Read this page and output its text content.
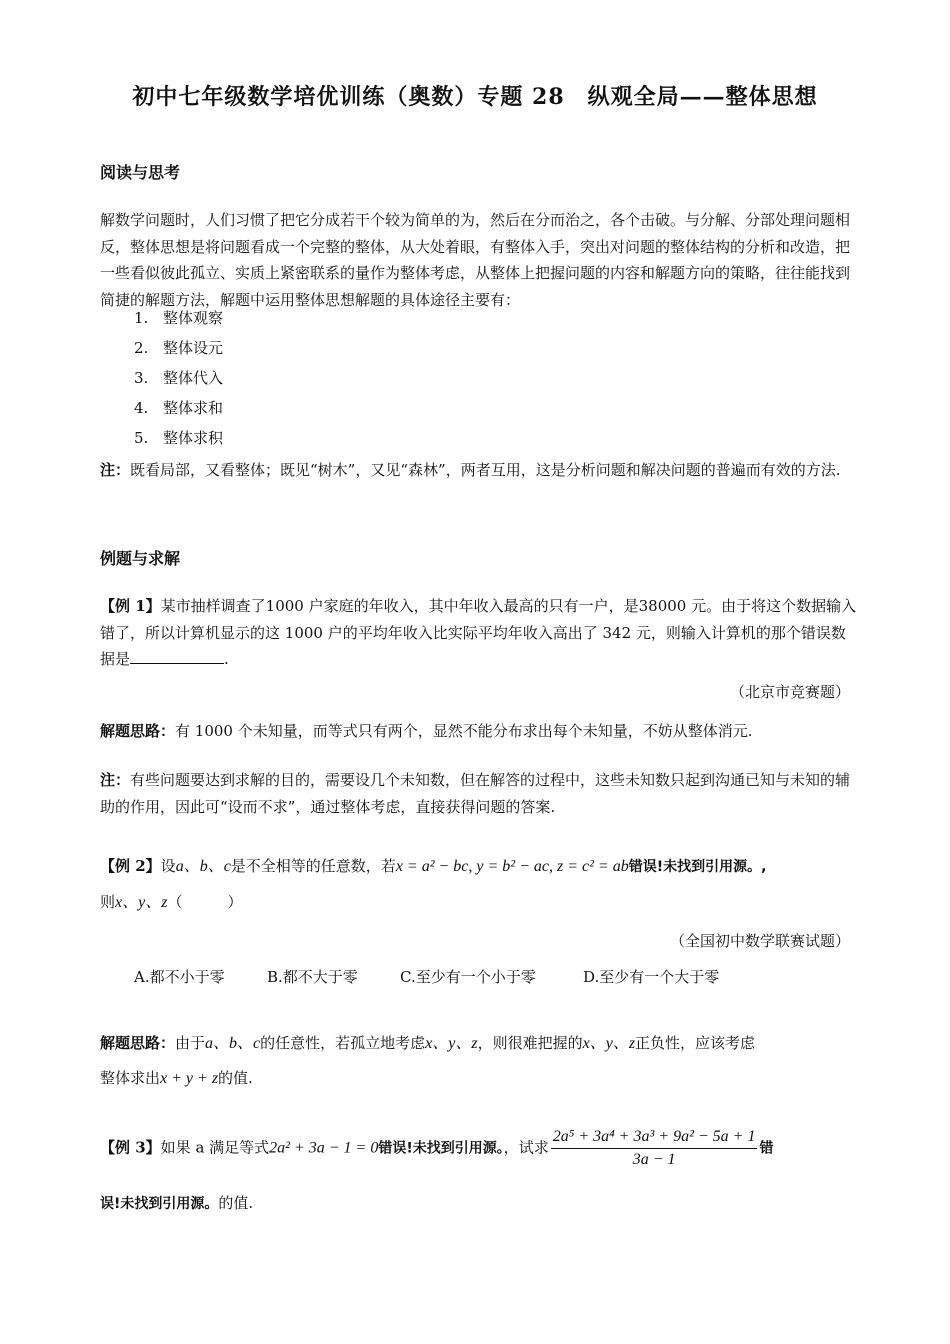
初中七年级数学培优训练（奥数）专题 28　纵观全局——整体思想
阅读与思考
解数学问题时，人们习惯了把它分成若干个较为简单的为，然后在分而治之，各个击破。与分解、分部处理问题相反，整体思想是将问题看成一个完整的整体，从大处着眼，有整体入手，突出对问题的整体结构的分析和改造，把一些看似彼此孤立、实质上紧密联系的量作为整体考虑，从整体上把握问题的内容和解题方向的策略，往往能找到简捷的解题方法，解题中运用整体思想解题的具体途径主要有：
1. 整体观察
2. 整体设元
3. 整体代入
4. 整体求和
5. 整体求积
注：既看局部，又看整体；既见“树木”，又见“森林”，两者互用，这是分析问题和解决问题的普遍而有效的方法.
例题与求解
【例 1】某市抽样调查了1000 户家庭的年收入，其中年收入最高的只有一户，是38000 元。由于将这个数据输入错了，所以计算机显示的这 1000 户的平均年收入比实际平均年收入高出了 342 元，则输入计算机的那个错误数据是	.
（北京市竞赛题）
解题思路：有 1000 个未知量，而等式只有两个，显然不能分布求出每个未知量，不妨从整体消元.
注：有些问题要达到求解的目的，需要设几个未知数，但在解答的过程中，这些未知数只起到沟通已知与未知的辅助的作用，因此可“设而不求”，通过整体考虑，直接获得问题的答案.
【例 2】设a、b、c是不全相等的任意数，若x = a² − bc, y = b² − ac, z = c² = ab错误!未找到引用源。,
则x、y、z（　　　）
（全国初中数学联赛试题）
A.都不小于零	B.都不大于零	C.至少有一个小于零	D.至少有一个大于零
解题思路：由于a、b、c的任意性，若孤立地考虑x、y、z，则很难把握的x、y、z正负性，应该考虑
整体求出x + y + z的值.
【例 3】如果 a 满足等式2a² + 3a − 1 = 0错误!未找到引用源。，试求 $\frac{\text{2a⁵ + 3a⁴ + 3a³ + 9a² − 5a + 1}}{3a - 1}$ 错
误!未找到引用源。的值.
